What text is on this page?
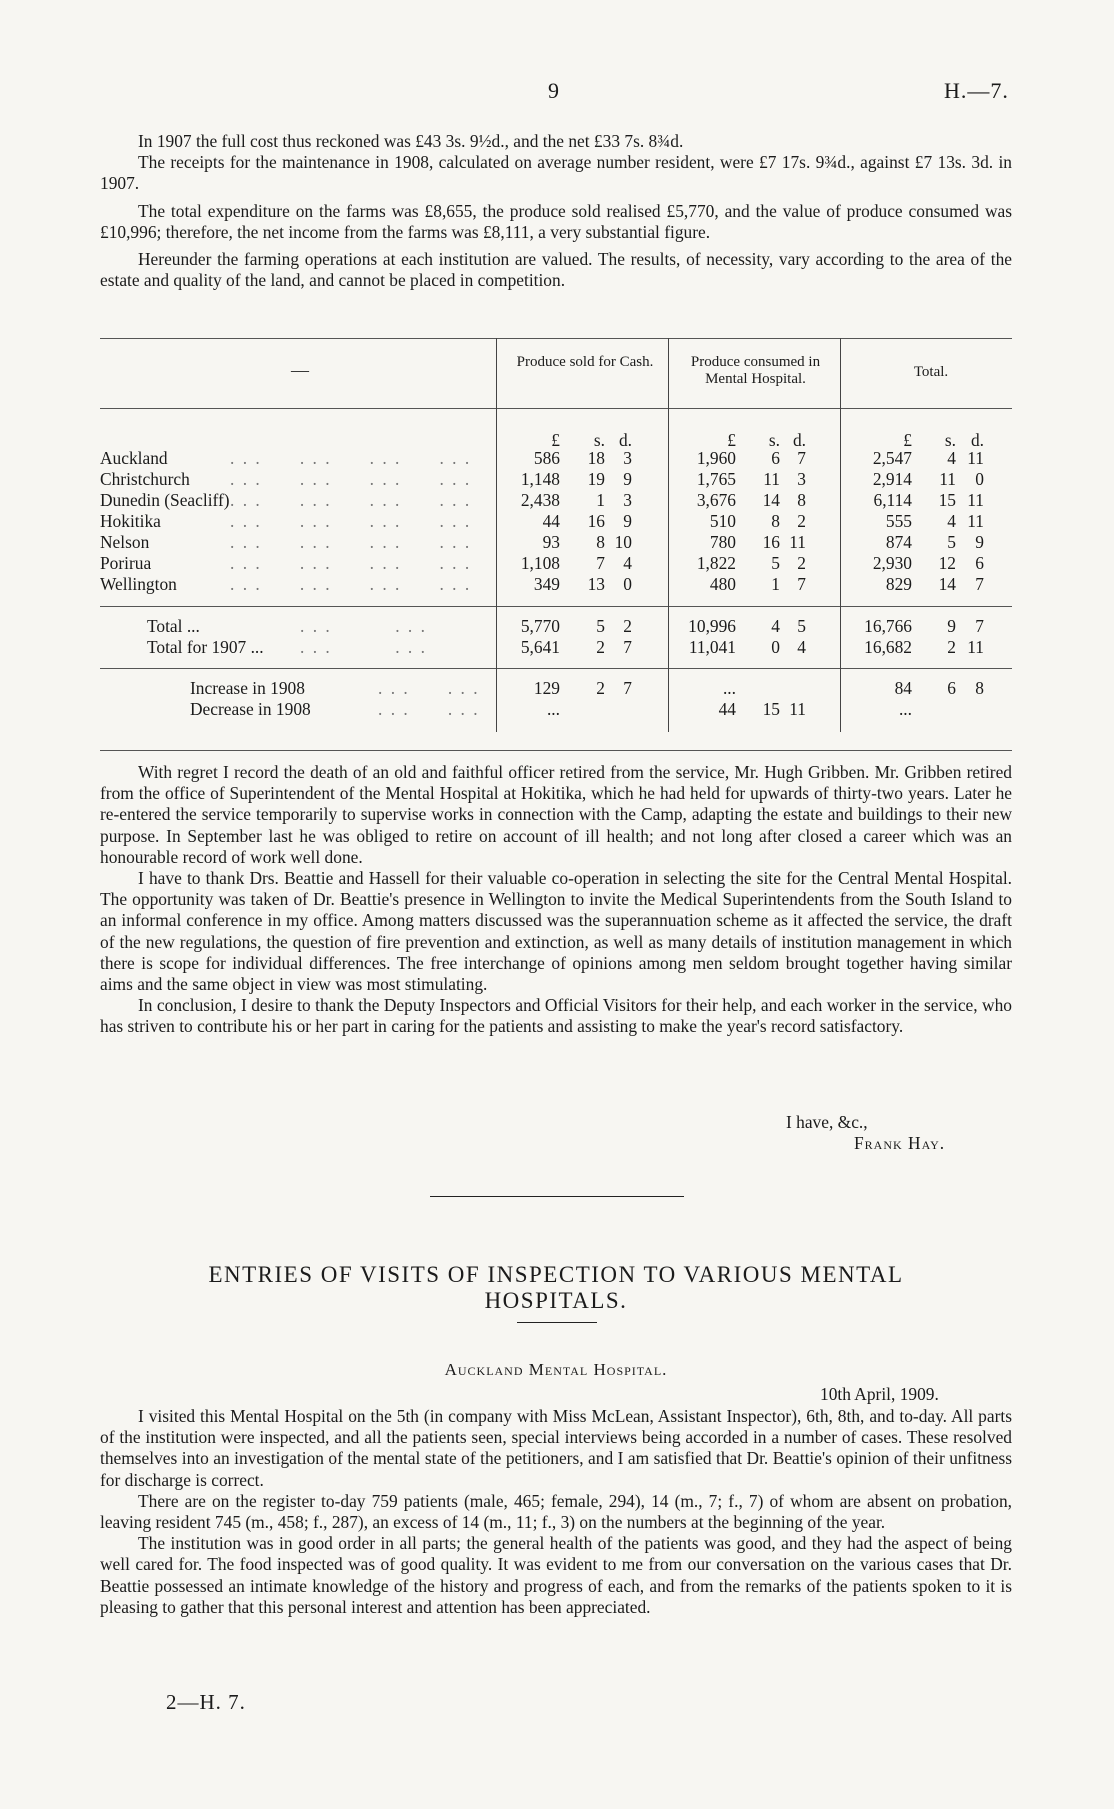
9	H.—7.

In 1907 the full cost thus reckoned was £43 3s. 9½d., and the net £33 7s. 8¾d.

The receipts for the maintenance in 1908, calculated on average number resident, were £7 17s. 9¾d., against £7 13s. 3d. in 1907.

The total expenditure on the farms was £8,655, the produce sold realised £5,770, and the value of produce consumed was £10,996; therefore, the net income from the farms was £8,111, a very substantial figure.

Hereunder the farming operations at each institution are valued. The results, of necessity, vary according to the area of the estate and quality of the land, and cannot be placed in competition.

—	Produce sold for Cash.	Produce consumed in Mental Hospital.	Total.
£	s. d.	£	s. d.	£	s. d.
Auckland	. . .      . . .      . . .      . . .	586	18	3	1,960	6 7	2,547	4 11
Christchurch . . .      . . .      . . .      . . .	1,148	19	9	1,765	11 3	2,914	11	0
Dunedin (Seacliff) . . .      . . .      . . .      . . .	2,438	1	3	3,676	14 8	6,114	15 11
Hokitika	. . .      . . .      . . .      . . .	44	16	9	510	8 2	555	4 11
Nelson	. . .      . . .      . . .      . . .	93	8 10	780	16 11	874	5	9
Porirua	. . .      . . .      . . .      . . .	1,108	7	4	1,822	5 2	2,930	12	6
Wellington	. . .      . . .      . . .      . . .	349	13	0	480	1 7	829	14	7
Total ...	. . .          . . .	5,770	5	2	10,996	4 5	16,766	9	7
Total for 1907 ... . . .          . . .	5,641	2	7	11,041	0 4	16,682	2 11
Increase in 1908	. . .      . . .	129	2	7	...	84	6	8
Decrease in 1908	. . .      . . .	...	44	15 11	...

With regret I record the death of an old and faithful officer retired from the service, Mr. Hugh Gribben. Mr. Gribben retired from the office of Superintendent of the Mental Hospital at Hokitika, which he had held for upwards of thirty-two years. Later he re-entered the service temporarily to supervise works in connection with the Camp, adapting the estate and buildings to their new purpose. In September last he was obliged to retire on account of ill health; and not long after closed a career which was an honourable record of work well done.

I have to thank Drs. Beattie and Hassell for their valuable co-operation in selecting the site for the Central Mental Hospital. The opportunity was taken of Dr. Beattie's presence in Wellington to invite the Medical Superintendents from the South Island to an informal conference in my office. Among matters discussed was the superannuation scheme as it affected the service, the draft of the new regulations, the question of fire prevention and extinction, as well as many details of institution management in which there is scope for individual differences. The free interchange of opinions among men seldom brought together having similar aims and the same object in view was most stimulating.

In conclusion, I desire to thank the Deputy Inspectors and Official Visitors for their help, and each worker in the service, who has striven to contribute his or her part in caring for the patients and assisting to make the year's record satisfactory.

I have, &c.,
Frank Hay.
ENTRIES OF VISITS OF INSPECTION TO VARIOUS MENTAL
HOSPITALS.
Auckland Mental Hospital.
10th April, 1909.

I visited this Mental Hospital on the 5th (in company with Miss McLean, Assistant Inspector), 6th, 8th, and to-day. All parts of the institution were inspected, and all the patients seen, special interviews being accorded in a number of cases. These resolved themselves into an investigation of the mental state of the petitioners, and I am satisfied that Dr. Beattie's opinion of their unfitness for discharge is correct.

There are on the register to-day 759 patients (male, 465; female, 294), 14 (m., 7; f., 7) of whom are absent on probation, leaving resident 745 (m., 458; f., 287), an excess of 14 (m., 11; f., 3) on the numbers at the beginning of the year.

The institution was in good order in all parts; the general health of the patients was good, and they had the aspect of being well cared for. The food inspected was of good quality. It was evident to me from our conversation on the various cases that Dr. Beattie possessed an intimate knowledge of the history and progress of each, and from the remarks of the patients spoken to it is pleasing to gather that this personal interest and attention has been appreciated.

2—H. 7.
